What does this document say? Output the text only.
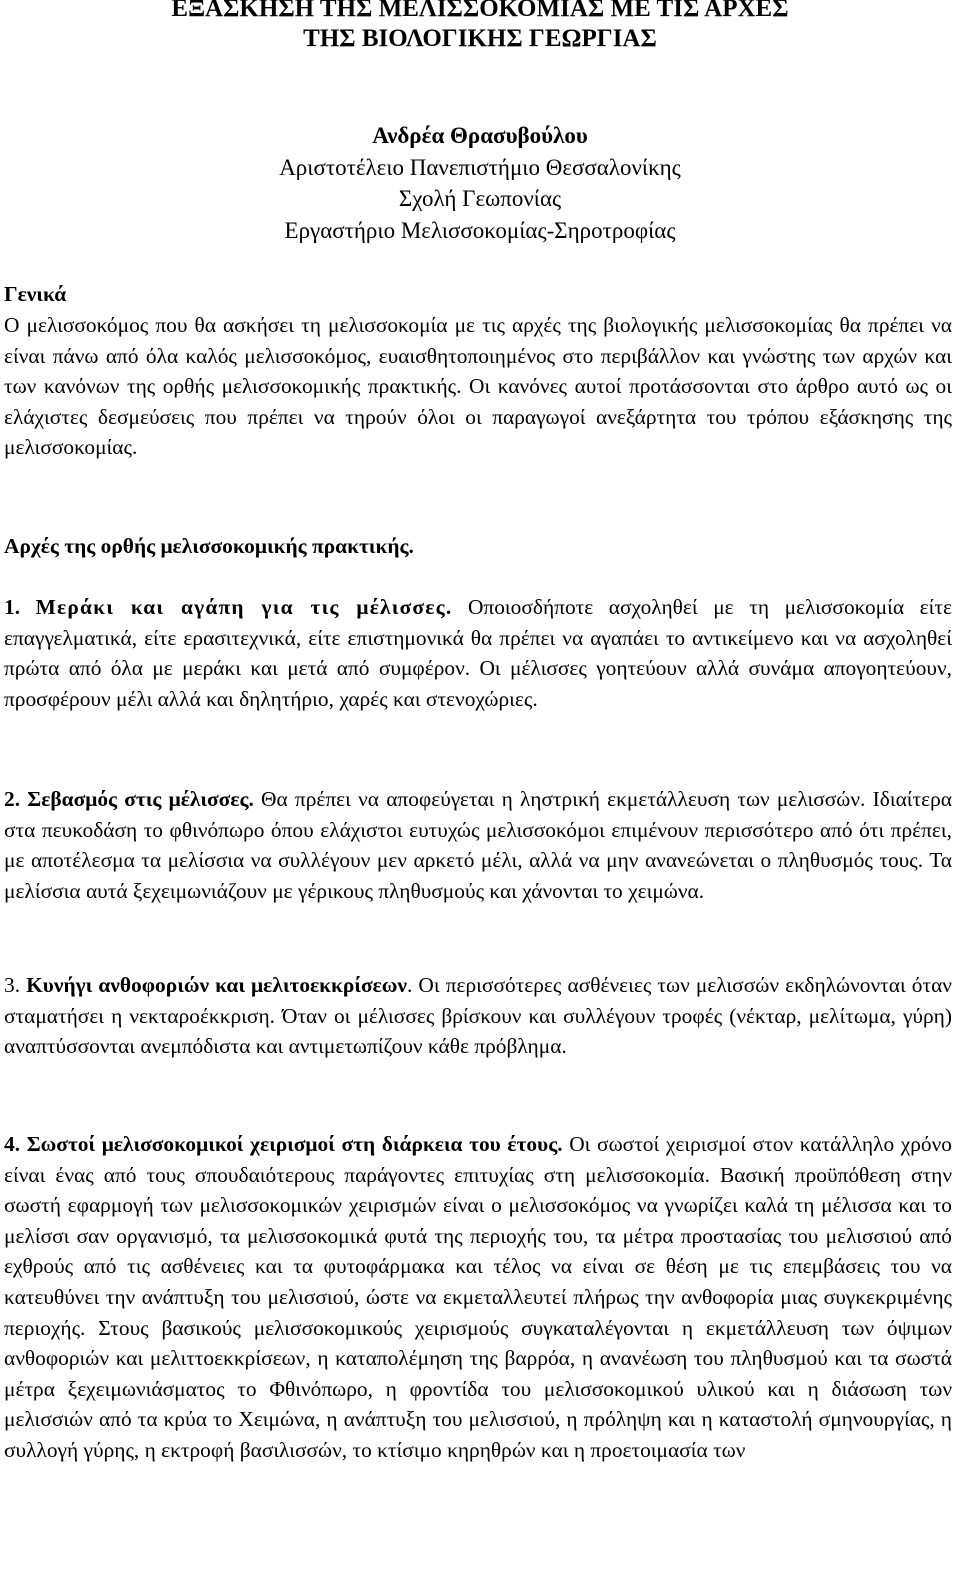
ΕΞΑΣΚΗΣΗ ΤΗΣ ΜΕΛΙΣΣΟΚΟΜΙΑΣ ΜΕ ΤΙΣ ΑΡΧΕΣ

ΤΗΣ ΒΙΟΛΟΓΙΚΗΣ ΓΕΩΡΓΙΑΣ

Ανδρέα Θρασυβούλου
Αριστοτέλειο Πανεπιστήμιο Θεσσαλονίκης
Σχολή Γεωπονίας
Εργαστήριο Μελισσοκομίας-Σηροτροφίας

Γενικά

Ο μελισσοκόμος που θα ασκήσει τη μελισσοκομία με τις αρχές της βιολογικής μελισσοκομίας θα πρέπει να είναι πάνω από όλα καλός μελισσοκόμος, ευαισθητοποιημένος στο περιβάλλον και γνώστης των αρχών και των κανόνων της ορθής μελισσοκομικής πρακτικής. Οι κανόνες αυτοί προτάσσονται στο άρθρο αυτό ως οι ελάχιστες δεσμεύσεις που πρέπει να τηρούν όλοι οι παραγωγοί ανεξάρτητα του τρόπου εξάσκησης της μελισσοκομίας.

Αρχές της ορθής μελισσοκομικής πρακτικής.

1. Μεράκι και αγάπη για τις μέλισσες. Οποιοσδήποτε ασχοληθεί με τη μελισσοκομία είτε επαγγελματικά, είτε ερασιτεχνικά, είτε επιστημονικά θα πρέπει να αγαπάει το αντικείμενο και να ασχοληθεί πρώτα από όλα με μεράκι και μετά από συμφέρον. Οι μέλισσες γοητεύουν αλλά συνάμα απογοητεύουν, προσφέρουν μέλι αλλά και δηλητήριο, χαρές και στενοχώριες.

2. Σεβασμός στις μέλισσες. Θα πρέπει να αποφεύγεται η ληστρική εκμετάλλευση των μελισσών. Ιδιαίτερα στα πευκοδάση το φθινόπωρο όπου ελάχιστοι ευτυχώς μελισσοκόμοι επιμένουν περισσότερο από ότι πρέπει, με αποτέλεσμα τα μελίσσια να συλλέγουν μεν αρκετό μέλι, αλλά να μην ανανεώνεται ο πληθυσμός τους. Τα μελίσσια αυτά ξεχειμωνιάζουν με γέρικους πληθυσμούς και χάνονται το χειμώνα.

3. Κυνήγι ανθοφοριών και μελιτοεκκρίσεων. Οι περισσότερες ασθένειες των μελισσών εκδηλώνονται όταν σταματήσει η νεκταροέκκριση. Όταν οι μέλισσες βρίσκουν και συλλέγουν τροφές (νέκταρ, μελίτωμα, γύρη) αναπτύσσονται ανεμπόδιστα και αντιμετωπίζουν κάθε πρόβλημα.

4. Σωστοί μελισσοκομικοί χειρισμοί στη διάρκεια του έτους. Οι σωστοί χειρισμοί στον κατάλληλο χρόνο είναι ένας από τους σπουδαιότερους παράγοντες επιτυχίας στη μελισσοκομία. Βασική προϋπόθεση στην σωστή εφαρμογή των μελισσοκομικών χειρισμών είναι ο μελισσοκόμος να γνωρίζει καλά τη μέλισσα και το μελίσσι σαν οργανισμό, τα μελισσοκομικά φυτά της περιοχής του, τα μέτρα προστασίας του μελισσιού από εχθρούς από τις ασθένειες και τα φυτοφάρμακα και τέλος να είναι σε θέση με τις επεμβάσεις του να κατευθύνει την ανάπτυξη του μελισσιού, ώστε να εκμεταλλευτεί πλήρως την ανθοφορία μιας συγκεκριμένης περιοχής. Στους βασικούς μελισσοκομικούς χειρισμούς συγκαταλέγονται η εκμετάλλευση των όψιμων ανθοφοριών και μελιττοεκκρίσεων, η καταπολέμηση της βαρρόα, η ανανέωση του πληθυσμού και τα σωστά μέτρα ξεχειμωνιάσματος το Φθινόπωρο, η φροντίδα του μελισσοκομικού υλικού και η διάσωση των μελισσιών από τα κρύα το Χειμώνα, η ανάπτυξη του μελισσιού, η πρόληψη και η καταστολή σμηνουργίας, η συλλογή γύρης, η εκτροφή βασιλισσών, το κτίσιμο κηρηθρών και η προετοιμασία των
